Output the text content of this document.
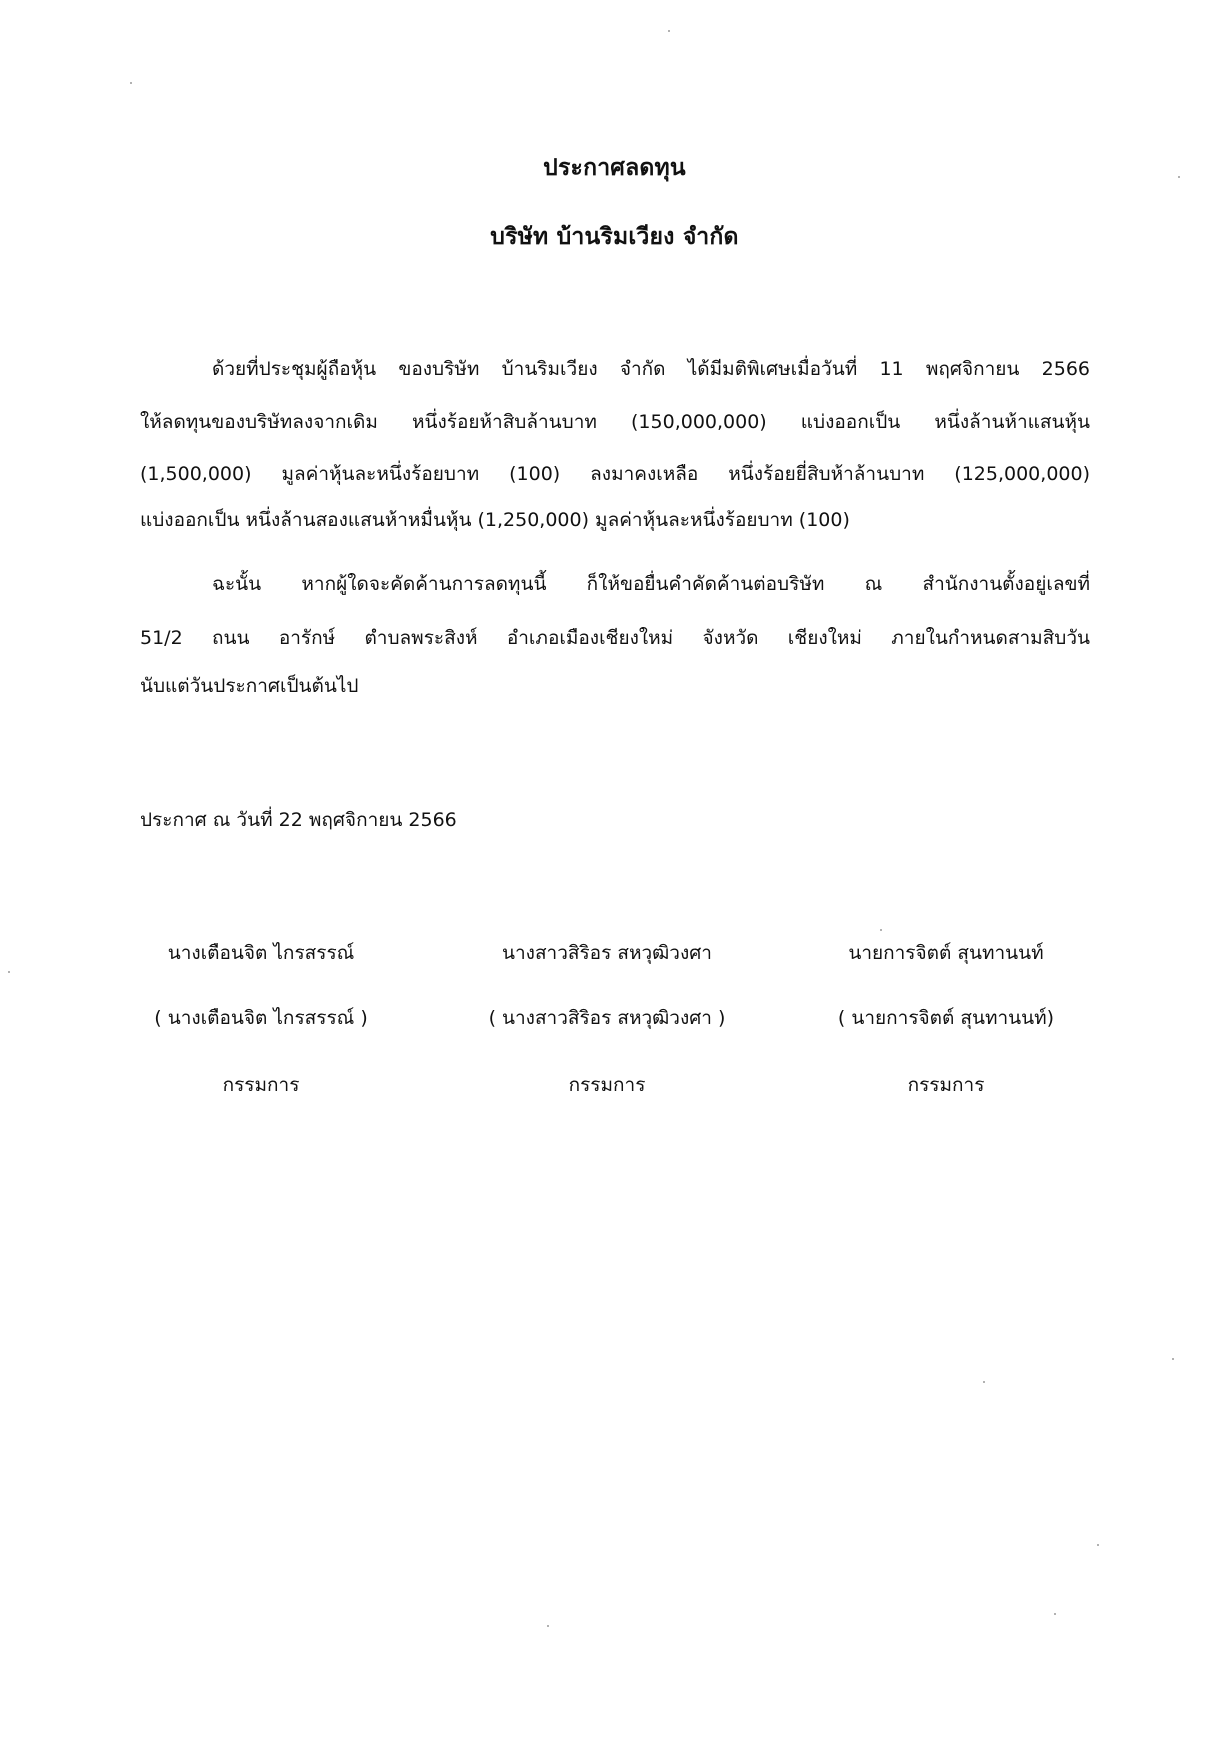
ประกาศลดทุน
บริษัท บ้านริมเวียง จำกัด
ด้วยที่ประชุมผู้ถือหุ้น ของบริษัท บ้านริมเวียง จำกัด ได้มีมติพิเศษเมื่อวันที่ 11 พฤศจิกายน 2566
ให้ลดทุนของบริษัทลงจากเดิม หนึ่งร้อยห้าสิบล้านบาท (150,000,000) แบ่งออกเป็น หนึ่งล้านห้าแสนหุ้น
(1,500,000) มูลค่าหุ้นละหนึ่งร้อยบาท (100) ลงมาคงเหลือ หนึ่งร้อยยี่สิบห้าล้านบาท (125,000,000)
แบ่งออกเป็น หนึ่งล้านสองแสนห้าหมื่นหุ้น (1,250,000) มูลค่าหุ้นละหนึ่งร้อยบาท (100)
ฉะนั้น หากผู้ใดจะคัดค้านการลดทุนนี้ ก็ให้ขอยื่นคำคัดค้านต่อบริษัท ณ สำนักงานตั้งอยู่เลขที่
51/2 ถนน อารักษ์ ตำบลพระสิงห์ อำเภอเมืองเชียงใหม่ จังหวัด เชียงใหม่ ภายในกำหนดสามสิบวัน
นับแต่วันประกาศเป็นต้นไป
ประกาศ ณ วันที่ 22 พฤศจิกายน 2566
นางเตือนจิต ไกรสรรณ์
( นางเตือนจิต ไกรสรรณ์ )
กรรมการ
นางสาวสิริอร สหวุฒิวงศา
( นางสาวสิริอร สหวุฒิวงศา )
กรรมการ
นายการจิตต์ สุนทานนท์
( นายการจิตต์ สุนทานนท์)
กรรมการ
